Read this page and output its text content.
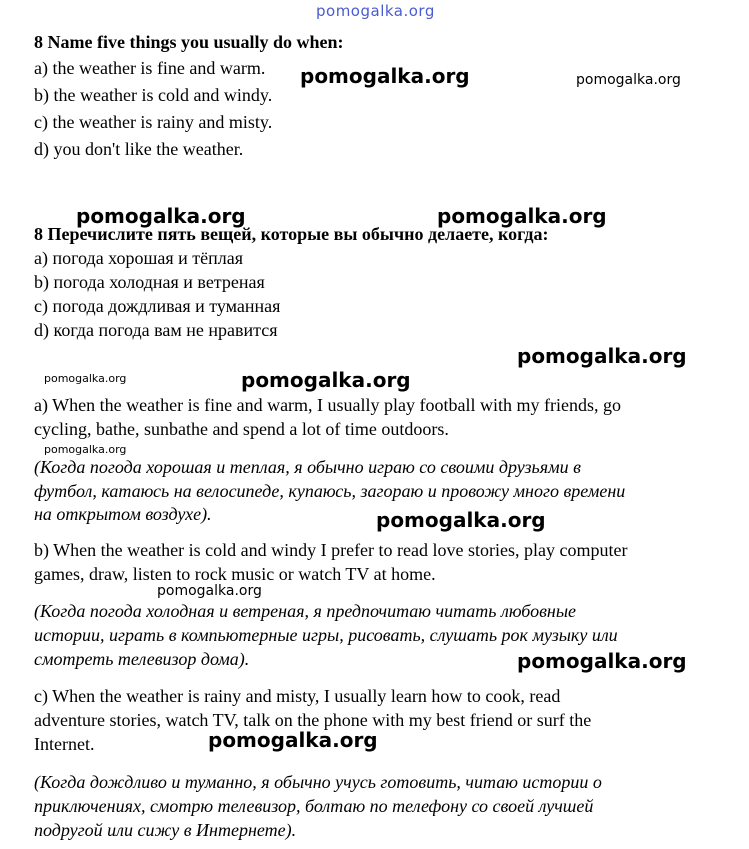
pomogalka.org
pomogalka.org	pomogalka.org
pomogalka.org	pomogalka.org
pomogalka.org
pomogalka.org	pomogalka.org
pomogalka.org
pomogalka.org
pomogalka.org
pomogalka.org
pomogalka.org
8 Name five things you usually do when:
a) the weather is fine and warm.
b) the weather is cold and windy.
c) the weather is rainy and misty.
d) you don't like the weather.
8 Перечислите пять вещей, которые вы обычно делаете, когда:
a) погода хорошая и тёплая
b) погода холодная и ветреная
c) погода дождливая и туманная
d) когда погода вам не нравится
a) When the weather is fine and warm, I usually play football with my friends, go
cycling, bathe, sunbathe and spend a lot of time outdoors.
(Когда погода хорошая и теплая, я обычно играю со своими друзьями в
футбол, катаюсь на велосипеде, купаюсь, загораю и провожу много времени
на открытом воздухе).
b) When the weather is cold and windy I prefer to read love stories, play computer
games, draw, listen to rock music or watch TV at home.
(Когда погода холодная и ветреная, я предпочитаю читать любовные
истории, играть в компьютерные игры, рисовать, слушать рок музыку или
смотреть телевизор дома).
c) When the weather is rainy and misty, I usually learn how to cook, read
adventure stories, watch TV, talk on the phone with my best friend or surf the
Internet.
(Когда дождливо и туманно, я обычно учусь готовить, читаю истории о
приключениях, смотрю телевизор, болтаю по телефону со своей лучшей
подругой или сижу в Интернете).
